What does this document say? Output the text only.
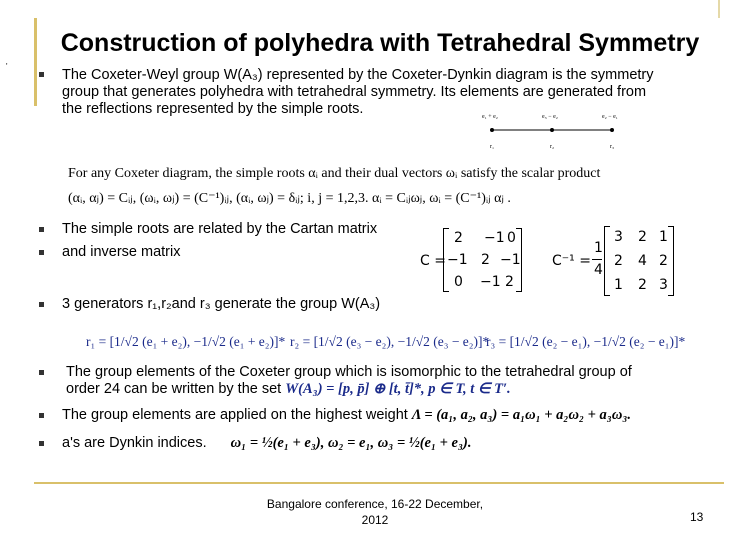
'
Construction of polyhedra with Tetrahedral Symmetry
The Coxeter-Weyl group W(A₃) represented by the Coxeter-Dynkin diagram is the symmetry
group that generates polyhedra with tetrahedral symmetry. Its elements are generated from
the reflections represented by the simple roots.	e₁ + e₂	e₃ − e₂	e₂ − e₁
r₁	r₂	r₃
For any Coxeter diagram, the simple roots αᵢ and their dual vectors ωᵢ satisfy the scalar product
(αᵢ, αⱼ) = Cᵢⱼ, (ωᵢ, ωⱼ) = (C⁻¹)ᵢⱼ, (αᵢ, ωⱼ) = δᵢⱼ; i, j = 1,2,3. αᵢ = Cᵢⱼωⱼ, ωᵢ = (C⁻¹)ᵢⱼ αⱼ .
The simple roots are related by the Cartan matrix
and inverse matrix
C =
2 −1 0
−1 2 −1
0 −1 2
C⁻¹ =
1
4
3 2 1
2 4 2
1 2 3
3 generators r₁,r₂and r₃ generate the group W(A₃)
r₁ = [1/√2 (e₁ + e₂), −1/√2 (e₁ + e₂)]* r₂ = [1/√2 (e₃ − e₂), −1/√2 (e₃ − e₂)]*
r₃ = [1/√2 (e₂ − e₁), −1/√2 (e₂ − e₁)]*
The group elements of the Coxeter group which is isomorphic to the tetrahedral group of
order 24 can be written by the set W(A₃) = [p, p̄] ⊕ [t, t̄]*, p ∈ T, t ∈ T′.
The group elements are applied on the highest weight Λ = (a₁, a₂, a₃) = a₁ω₁ + a₂ω₂ + a₃ω₃.
a's are Dynkin indices. ω₁ = ½(e₁ + e₃), ω₂ = e₁, ω₃ = ½(e₁ + e₃).
Bangalore conference, 16-22 December,
2012	13
